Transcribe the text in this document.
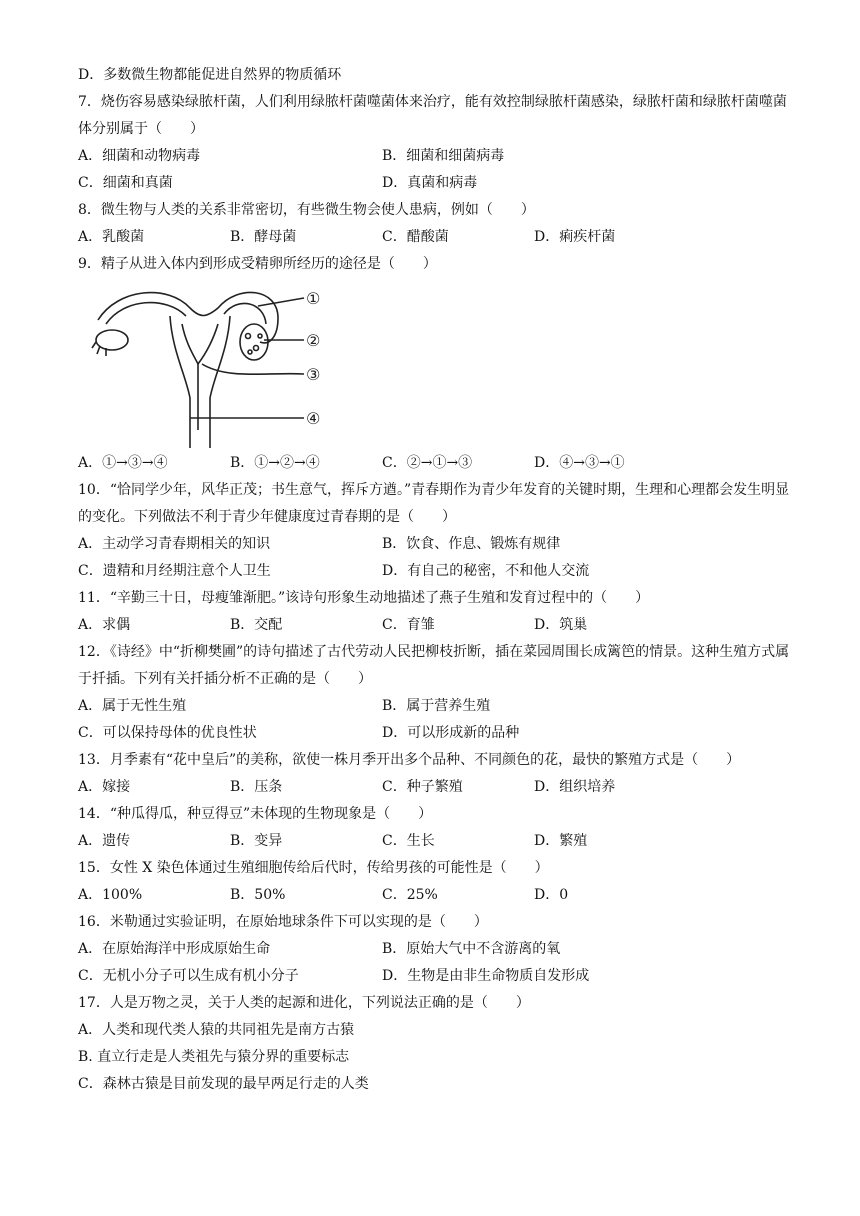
D．多数微生物都能促进自然界的物质循环
7．烧伤容易感染绿脓杆菌，人们利用绿脓杆菌噬菌体来治疗，能有效控制绿脓杆菌感染，绿脓杆菌和绿脓杆菌噬菌体分别属于（　　）
A．细菌和动物病毒	B．细菌和细菌病毒
C．细菌和真菌	D．真菌和病毒
8．微生物与人类的关系非常密切，有些微生物会使人患病，例如（　　）
A．乳酸菌	B．酵母菌	C．醋酸菌	D．痢疾杆菌
9．精子从进入体内到形成受精卵所经历的途径是（　　）
①
②
③
④
A．①→③→④	B．①→②→④	C．②→①→③	D．④→③→①
10．“恰同学少年，风华正茂；书生意气，挥斥方遒。”青春期作为青少年发育的关键时期，生理和心理都会发生明显的变化。下列做法不利于青少年健康度过青春期的是（　　）
A．主动学习青春期相关的知识	B．饮食、作息、锻炼有规律
C．遗精和月经期注意个人卫生	D．有自己的秘密，不和他人交流
11．“辛勤三十日，母瘦雏渐肥。”该诗句形象生动地描述了燕子生殖和发育过程中的（　　）
A．求偶	B．交配	C．育雏	D．筑巢
12．《诗经》中“折柳樊圃”的诗句描述了古代劳动人民把柳枝折断，插在菜园周围长成篱笆的情景。这种生殖方式属于扦插。下列有关扦插分析不正确的是（　　）
A．属于无性生殖	B．属于营养生殖
C．可以保持母体的优良性状	D．可以形成新的品种
13．月季素有“花中皇后”的美称，欲使一株月季开出多个品种、不同颜色的花，最快的繁殖方式是（　　）
A．嫁接	B．压条	C．种子繁殖	D．组织培养
14．“种瓜得瓜，种豆得豆”未体现的生物现象是（　　）
A．遗传	B．变异	C．生长	D．繁殖
15．女性 X 染色体通过生殖细胞传给后代时，传给男孩的可能性是（　　）
A．100%	B．50%	C．25%	D．0
16．米勒通过实验证明，在原始地球条件下可以实现的是（　　）
A．在原始海洋中形成原始生命	B．原始大气中不含游离的氧
C．无机小分子可以生成有机小分子	D．生物是由非生命物质自发形成
17．人是万物之灵，关于人类的起源和进化，下列说法正确的是（　　）
A．人类和现代类人猿的共同祖先是南方古猿
B. 直立行走是人类祖先与猿分界的重要标志
C．森林古猿是目前发现的最早两足行走的人类
